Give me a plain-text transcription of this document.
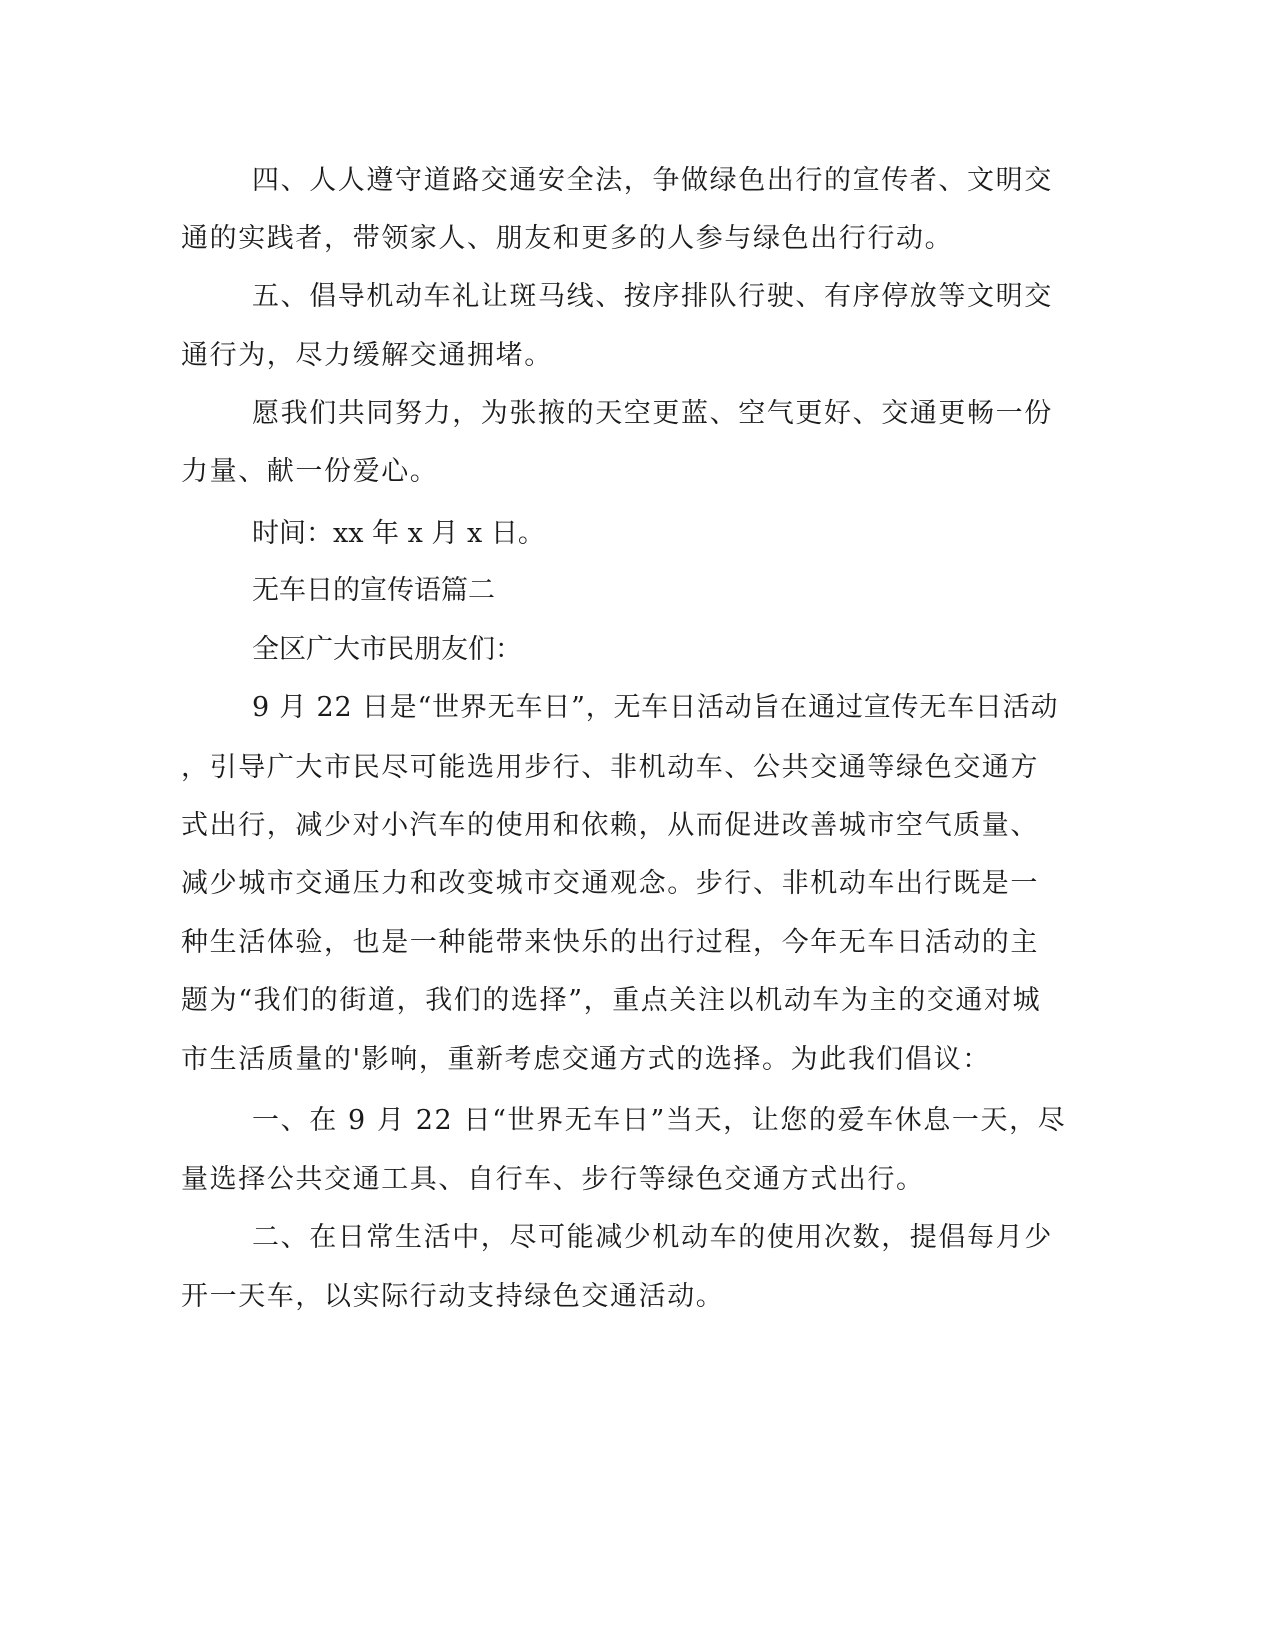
四、人人遵守道路交通安全法，争做绿色出行的宣传者、文明交
通的实践者，带领家人、朋友和更多的人参与绿色出行行动。
五、倡导机动车礼让斑马线、按序排队行驶、有序停放等文明交
通行为，尽力缓解交通拥堵。
愿我们共同努力，为张掖的天空更蓝、空气更好、交通更畅一份
力量、献一份爱心。
时间：xx 年 x 月 x 日。
无车日的宣传语篇二
全区广大市民朋友们：
9 月 22 日是“世界无车日”，无车日活动旨在通过宣传无车日活动
，引导广大市民尽可能选用步行、非机动车、公共交通等绿色交通方
式出行，减少对小汽车的使用和依赖，从而促进改善城市空气质量、
减少城市交通压力和改变城市交通观念。步行、非机动车出行既是一
种生活体验，也是一种能带来快乐的出行过程，今年无车日活动的主
题为“我们的街道，我们的选择”，重点关注以机动车为主的交通对城
市生活质量的'影响，重新考虑交通方式的选择。为此我们倡议：
一、在 9 月 22 日“世界无车日”当天，让您的爱车休息一天，尽
量选择公共交通工具、自行车、步行等绿色交通方式出行。
二、在日常生活中，尽可能减少机动车的使用次数，提倡每月少
开一天车，以实际行动支持绿色交通活动。
